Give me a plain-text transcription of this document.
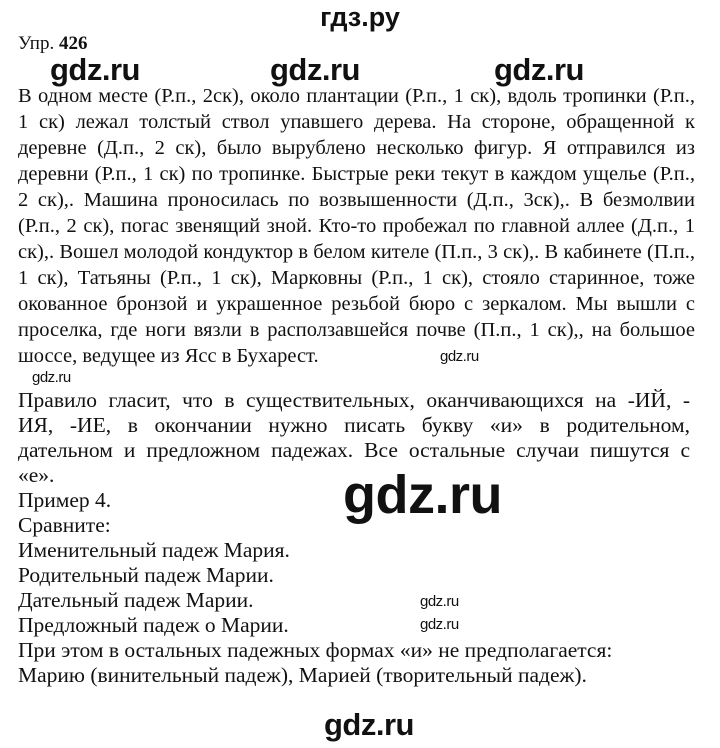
гдз.ру
Упр. 426
gdz.ru	gdz.ru	gdz.ru
В одном месте (Р.п., 2ск), около плантации (Р.п., 1 ск), вдоль тропинки (Р.п.,
1 ск) лежал толстый ствол упавшего дерева. На стороне, обращенной к
деревне (Д.п., 2 ск), было вырублено несколько фигур. Я отправился из
деревни (Р.п., 1 ск) по тропинке. Быстрые реки текут в каждом ущелье (Р.п.,
2 ск),. Машина проносилась по возвышенности (Д.п., 3ск),. В безмолвии
(Р.п., 2 ск), погас звенящий зной. Кто-то пробежал по главной аллее (Д.п., 1
ск),. Вошел молодой кондуктор в белом кителе (П.п., 3 ск),. В кабинете (П.п.,
1 ск), Татьяны (Р.п., 1 ск), Марковны (Р.п., 1 ск), стояло старинное, тоже
окованное бронзой и украшенное резьбой бюро с зеркалом. Мы вышли с
проселка, где ноги вязли в расползавшейся почве (П.п., 1 ск),, на большое
шоссе, ведущее из Ясс в Бухарест.	gdz.ru
gdz.ru
Правило гласит, что в существительных, оканчивающихся на -ИЙ, -
ИЯ, -ИЕ, в окончании нужно писать букву «и» в родительном,
дательном и предложном падежах. Все остальные случаи пишутся с
«е».
Пример 4.
Сравните:
Именительный падеж Мария.
Родительный падеж Марии.
Дательный падеж Марии.
Предложный падеж о Марии.
При этом в остальных падежных формах «и» не предполагается:
Марию (винительный падеж), Марией (творительный падеж).
gdz.ru
gdz.ru
gdz.ru
gdz.ru
